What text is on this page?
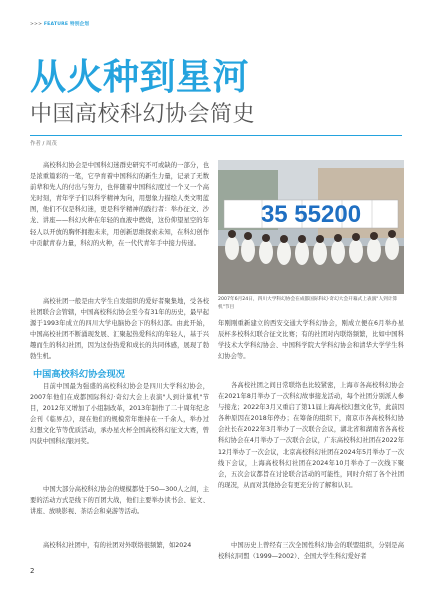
>>> FEATURE 特别企划
从火种到星河
中国高校科幻协会简史
作者 / 周茂

高校科幻协会是中国科幻迷群史研究不可或缺的一部分，也是浓重篇彩的一笔，它孕育着中国科幻的新生力量，记录了无数前辈和先人的付出与努力，也伴随着中国科幻度过一个又一个高光时刻，青年学子们以科学精神为向，用想象力描绘人类文明蓝图，他们不仅是科幻迷，更是科学精神的践行者：举办征文、沙龙、讲座——科幻火种在年轻的血液中燃烧，这份仰望星空的年轻人以开放的胸怀拥抱未来，用创新思维探索未知，在科幻创作中贡献青春力量，科幻的火种，在一代代青年手中接力传递。

高校社团一般是由大学生自发组织的爱好者聚集地，受各校社团联合会管辖，中国高校科幻协会至今有31年的历史，最早起源于1993年成立的四川大学电脑协会下的科幻部。由此开始，中国高校社团不断涌现发展、汇聚起热爱科幻的年轻人，基于兴趣而生的科幻社团，因为这份热爱和成长的共同体感，展现了勃勃生机。

35 55200

2007年6月24日，四川大学科幻协会在成都国际科幻·奇幻大会开幕式上表演"人到计算机"节目

年刚刚重新建立的西安交通大学科幻协会，刚成立便在6月举办星辰杯多校科幻联合征文比赛；有的社团对内联络频繁，比如中国科学技术大学科幻协会、中国科学院大学科幻协会和清华大学学生科幻协会等。

中国高校科幻协会现况

目前中国最为强盛的高校科幻协会是四川大学科幻协会，2007年他们在成都国际科幻·奇幻大会上表演"人到计算机"节目，2012年又增加了小组制改革，2013年制作了二十周年纪念会刊《临界点》，现在他们的规模常年维持在一千余人，举办过幻想文化节等优质活动，承办星火杯全国高校科幻征文大赛，曾四获中国科幻银河奖。

中国大部分高校科幻协会的规模都处于50—300人之间，主要的活动方式是线下的百团大战，他们主要举办读书会、征文、讲座、放映影视、茶话会和桌游等活动。

高校科幻社团中，有的社团对外联络很频繁，如2024

各高校社团之间日常联络也比较紧密，上海市各高校科幻协会在2021年8月举办了一次科幻故事接龙活动，每个社团分别派人参与接龙；2022年3月又重启了第11届上海高校幻想文化节，此前因各种原因在2018年停办；在筹备的组织下，南京市各高校科幻协会社长在2022年3月举办了一次联合会议，湖北省和湖南省各高校科幻协会在4月举办了一次联合会议，广东高校科幻社团在2022年12月举办了一次会议，北京高校科幻社团在2024年5月举办了一次线下会议，上海高校科幻社团在2024年10月举办了一次线下聚会，五次会议都旨在讨论联合活动的可能性，同时介绍了各个社团的现况，从而对其他协会有更充分的了解和认识。

中国历史上曾经有三次全国性科幻协会的联盟组织，分别是高校科幻同盟（1999—2002）、全国大学生科幻爱好者

2
